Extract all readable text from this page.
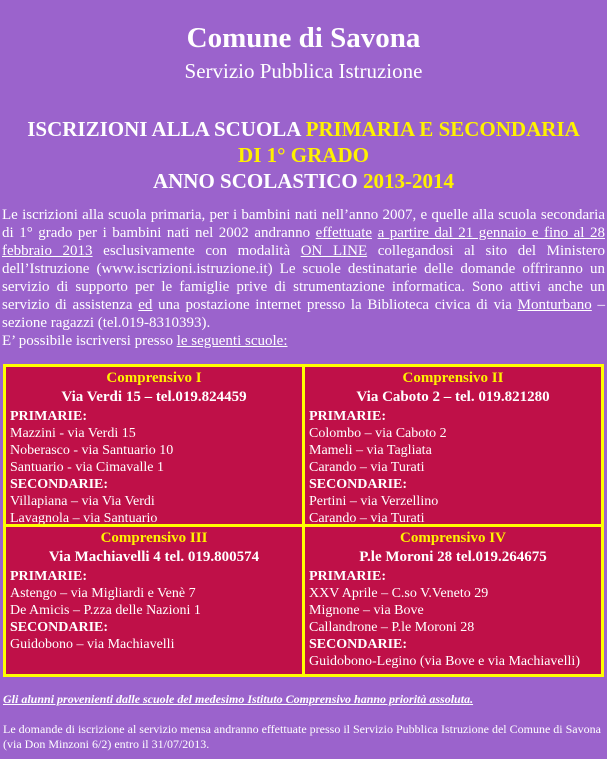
Comune di Savona
Servizio Pubblica Istruzione
ISCRIZIONI ALLA SCUOLA PRIMARIA E SECONDARIA
DI 1° GRADO
ANNO SCOLASTICO 2013-2014
Le iscrizioni alla scuola primaria, per i bambini nati nell’anno 2007, e quelle alla scuola secondaria di 1° grado per i bambini nati nel 2002 andranno effettuate a partire dal 21 gennaio e fino al 28 febbraio 2013 esclusivamente con modalità ON LINE collegandosi al sito del Ministero dell’Istruzione (www.iscrizioni.istruzione.it) Le scuole destinatarie delle domande offriranno un servizio di supporto per le famiglie prive di strumentazione informatica. Sono attivi anche un servizio di assistenza ed una postazione internet presso la Biblioteca civica di via Monturbano – sezione ragazzi (tel.019-8310393).
E’ possibile iscriversi presso le seguenti scuole:
Comprensivo I
Via Verdi 15 – tel.019.824459
PRIMARIE:
Mazzini - via Verdi 15
Noberasco - via Santuario 10
Santuario - via Cimavalle 1
SECONDARIE:
Villapiana – via Via Verdi
Lavagnola – via Santuario
Comprensivo II
Via Caboto 2 – tel. 019.821280
PRIMARIE:
Colombo – via Caboto 2
Mameli – via Tagliata
Carando – via Turati
SECONDARIE:
Pertini – via Verzellino
Carando – via Turati
Comprensivo III
Via Machiavelli 4 tel. 019.800574
PRIMARIE:
Astengo – via Migliardi e Venè 7
De Amicis – P.zza delle Nazioni 1
SECONDARIE:
Guidobono – via Machiavelli
Comprensivo IV
P.le Moroni 28 tel.019.264675
PRIMARIE:
XXV Aprile – C.so V.Veneto 29
Mignone – via Bove
Callandrone – P.le Moroni 28
SECONDARIE:
Guidobono-Legino (via Bove e via Machiavelli)
Gli alunni provenienti dalle scuole del medesimo Istituto Comprensivo hanno priorità assoluta.
Le domande di iscrizione al servizio mensa andranno effettuate presso il Servizio Pubblica Istruzione del Comune di Savona (via Don Minzoni 6/2) entro il 31/07/2013.
